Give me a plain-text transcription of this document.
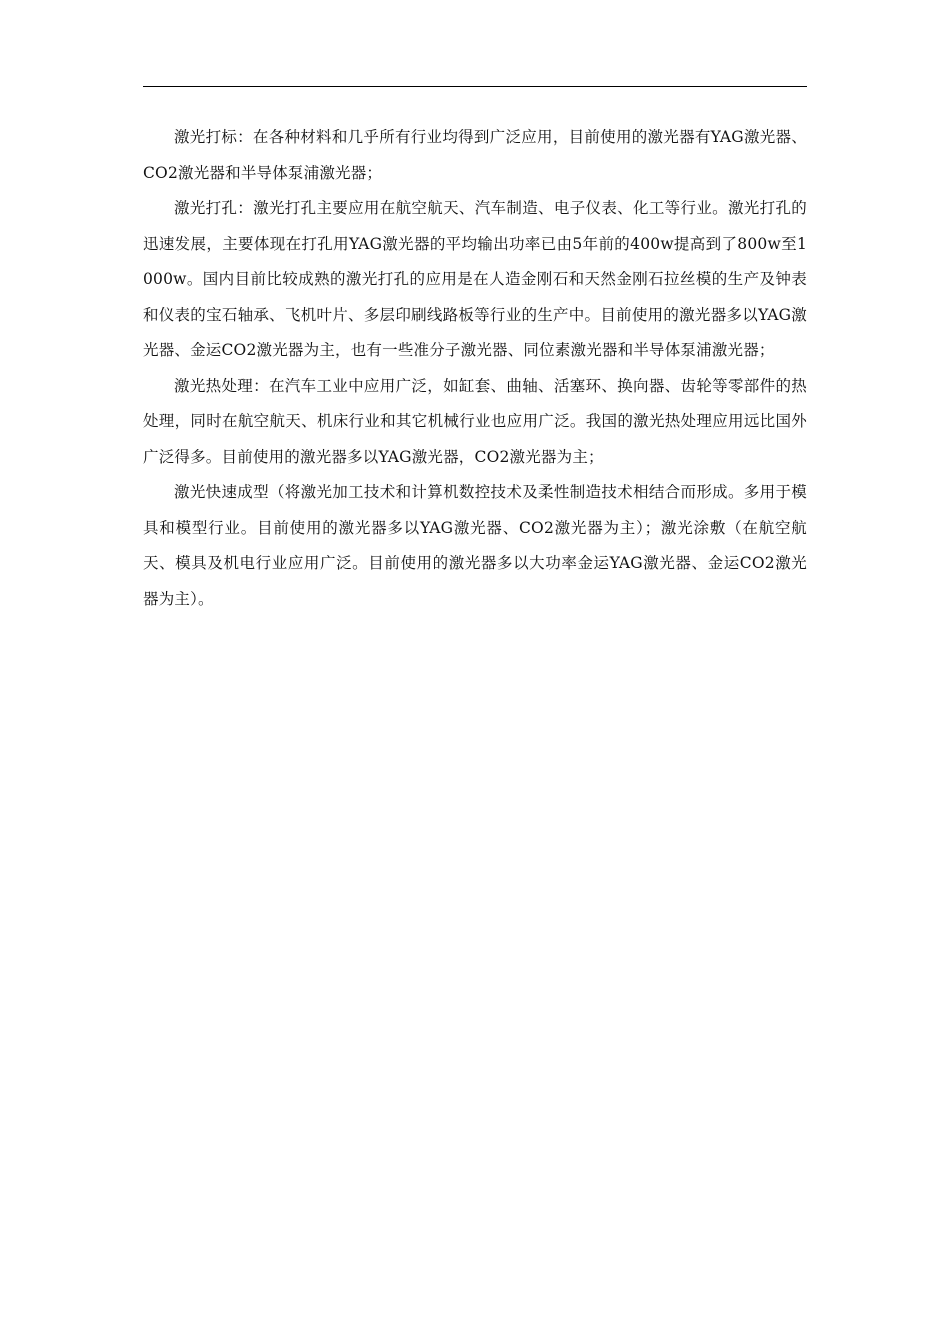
激光打标：在各种材料和几乎所有行业均得到广泛应用，目前使用的激光器有YAG激光器、CO2激光器和半导体泵浦激光器；

激光打孔：激光打孔主要应用在航空航天、汽车制造、电子仪表、化工等行业。激光打孔的迅速发展，主要体现在打孔用YAG激光器的平均输出功率已由5年前的400w提高到了800w至1000w。国内目前比较成熟的激光打孔的应用是在人造金刚石和天然金刚石拉丝模的生产及钟表和仪表的宝石轴承、飞机叶片、多层印刷线路板等行业的生产中。目前使用的激光器多以YAG激光器、金运CO2激光器为主，也有一些准分子激光器、同位素激光器和半导体泵浦激光器；

激光热处理：在汽车工业中应用广泛，如缸套、曲轴、活塞环、换向器、齿轮等零部件的热处理，同时在航空航天、机床行业和其它机械行业也应用广泛。我国的激光热处理应用远比国外广泛得多。目前使用的激光器多以YAG激光器，CO2激光器为主；

激光快速成型（将激光加工技术和计算机数控技术及柔性制造技术相结合而形成。多用于模具和模型行业。目前使用的激光器多以YAG激光器、CO2激光器为主）；激光涂敷（在航空航天、模具及机电行业应用广泛。目前使用的激光器多以大功率金运YAG激光器、金运CO2激光器为主）。
